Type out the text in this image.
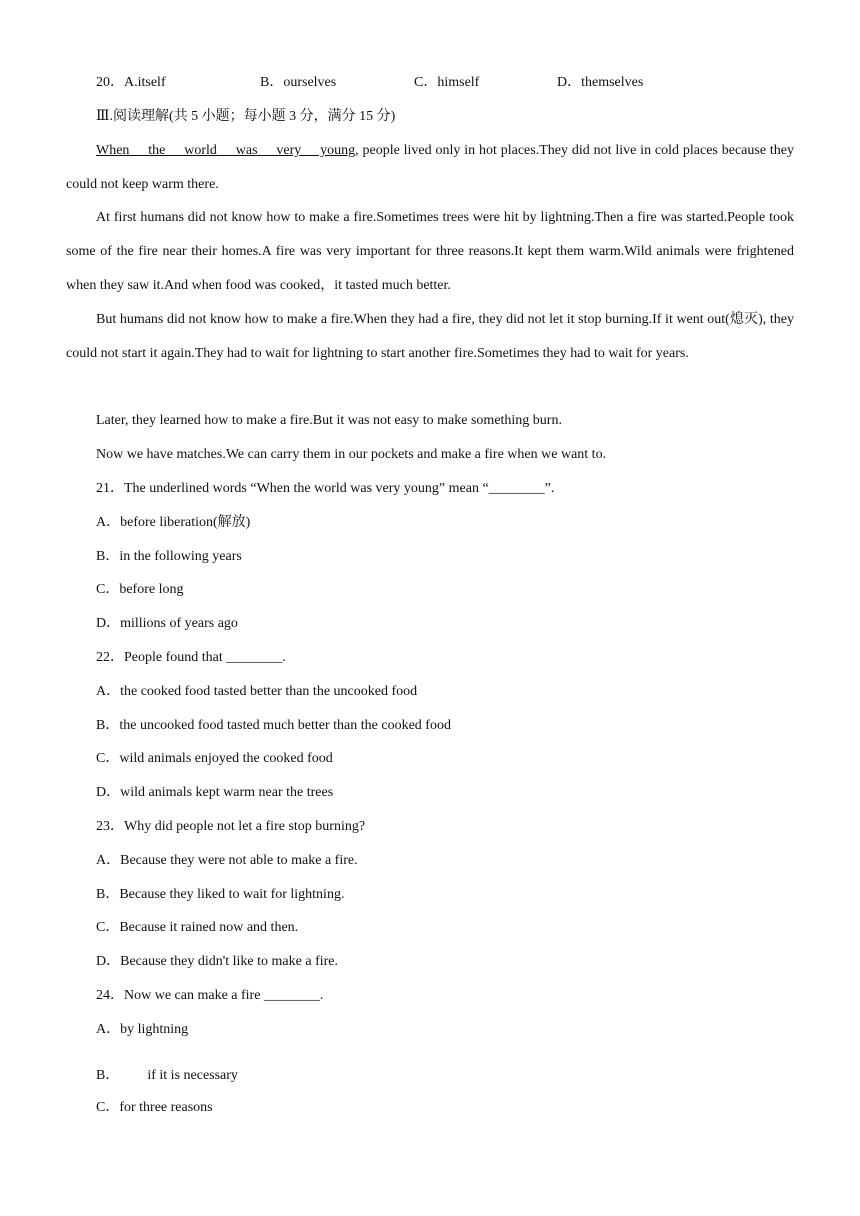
20．A.itself	B．ourselves	C．himself	D．themselves
Ⅲ.阅读理解(共 5 小题；每小题 3 分，满分 15 分)
When the world was very young, people lived only in hot places.They did not live in cold places because they could not keep warm there.
At first humans did not know how to make a fire.Sometimes trees were hit by lightning.Then a fire was started.People took some of the fire near their homes.A fire was very important for three reasons.It kept them warm.Wild animals were frightened when they saw it.And when food was cooked，it tasted much better.
But humans did not know how to make a fire.When they had a fire, they did not let it stop burning.If it went out(熄灭), they could not start it again.They had to wait for lightning to start another fire.Sometimes they had to wait for years.
Later, they learned how to make a fire.But it was not easy to make something burn.
Now we have matches.We can carry them in our pockets and make a fire when we want to.
21．The underlined words “When the world was very young” mean “________”.
A．before liberation(解放)
B．in the following years
C．before long
D．millions of years ago
22．People found that ________.
A．the cooked food tasted better than the uncooked food
B．the uncooked food tasted much better than the cooked food
C．wild animals enjoyed the cooked food
D．wild animals kept warm near the trees
23．Why did people not let a fire stop burning?
A．Because they were not able to make a fire.
B．Because they liked to wait for lightning.
C．Because it rained now and then.
D．Because they didn't like to make a fire.
24．Now we can make a fire ________.
A．by lightning
B． if it is necessary
C．for three reasons
